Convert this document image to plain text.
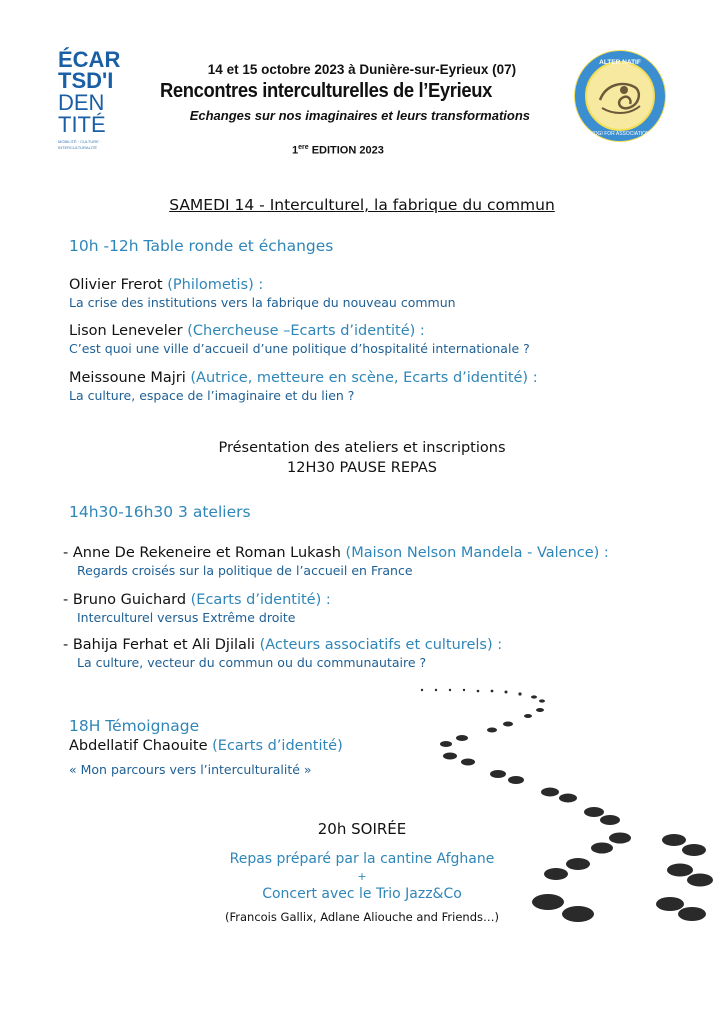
ÉCAR
TSD'I
DEN
TITÉ
MOBILITÉ · CULTURE · INTERCULTURALITÉ
14 et 15 octobre 2023 à Dunière-sur-Eyrieux (07)
Rencontres interculturelles de l’Eyrieux
Echanges sur nos imaginaires et leurs transformations
1ere EDITION 2023
ALTER NATIF
YOGI FOR ASSOCIATION
SAMEDI 14 - Interculturel, la fabrique du commun
10h -12h Table ronde et échanges
Olivier Frerot (Philometis) :
La crise des institutions vers la fabrique du nouveau commun
Lison Leneveler (Chercheuse –Ecarts d’identité) :
C’est quoi une ville d’accueil d’une politique d’hospitalité internationale ?
Meissoune Majri (Autrice, metteure en scène, Ecarts d’identité) :
La culture, espace de l’imaginaire et du lien ?
Présentation des ateliers et inscriptions
12H30 PAUSE REPAS
14h30-16h30 3 ateliers
- Anne De Rekeneire et Roman Lukash (Maison Nelson Mandela - Valence) :
Regards croisés sur la politique de l’accueil en France
- Bruno Guichard (Ecarts d’identité) :
Interculturel versus Extrême droite
- Bahija Ferhat et Ali Djilali (Acteurs associatifs et culturels) :
La culture, vecteur du commun ou du communautaire ?
18H Témoignage
Abdellatif Chaouite (Ecarts d’identité)
« Mon parcours vers l’interculturalité »
20h SOIRÉE
Repas préparé par la cantine Afghane
+
Concert avec le Trio Jazz&Co
(Francois Gallix, Adlane Aliouche and Friends…)
